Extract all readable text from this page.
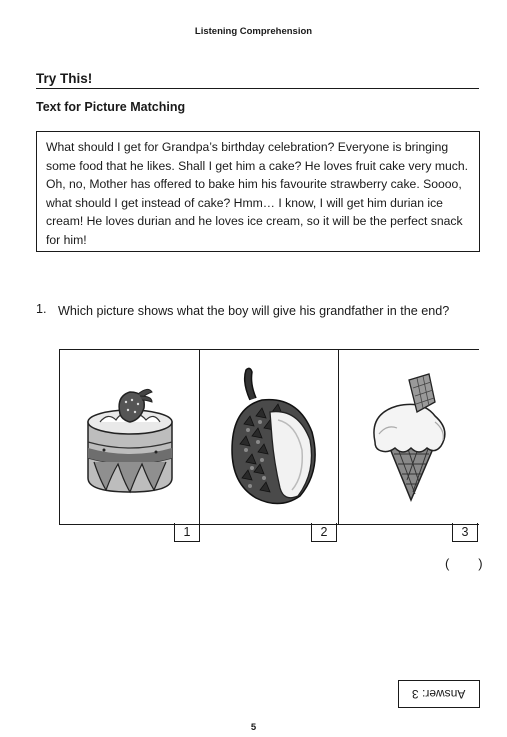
Listening Comprehension
Try This!
Text for Picture Matching
What should I get for Grandpa’s birthday celebration? Everyone is bringing some food that he likes. Shall I get him a cake? He loves fruit cake very much. Oh, no, Mother has offered to bake him his favourite strawberry cake. Soooo, what should I get instead of cake? Hmm… I know, I will get him durian ice cream! He loves durian and he loves ice cream, so it will be the perfect snack for him!
1. Which picture shows what the boy will give his grandfather in the end?
1	2	3
(        )
Answer: 3
5
